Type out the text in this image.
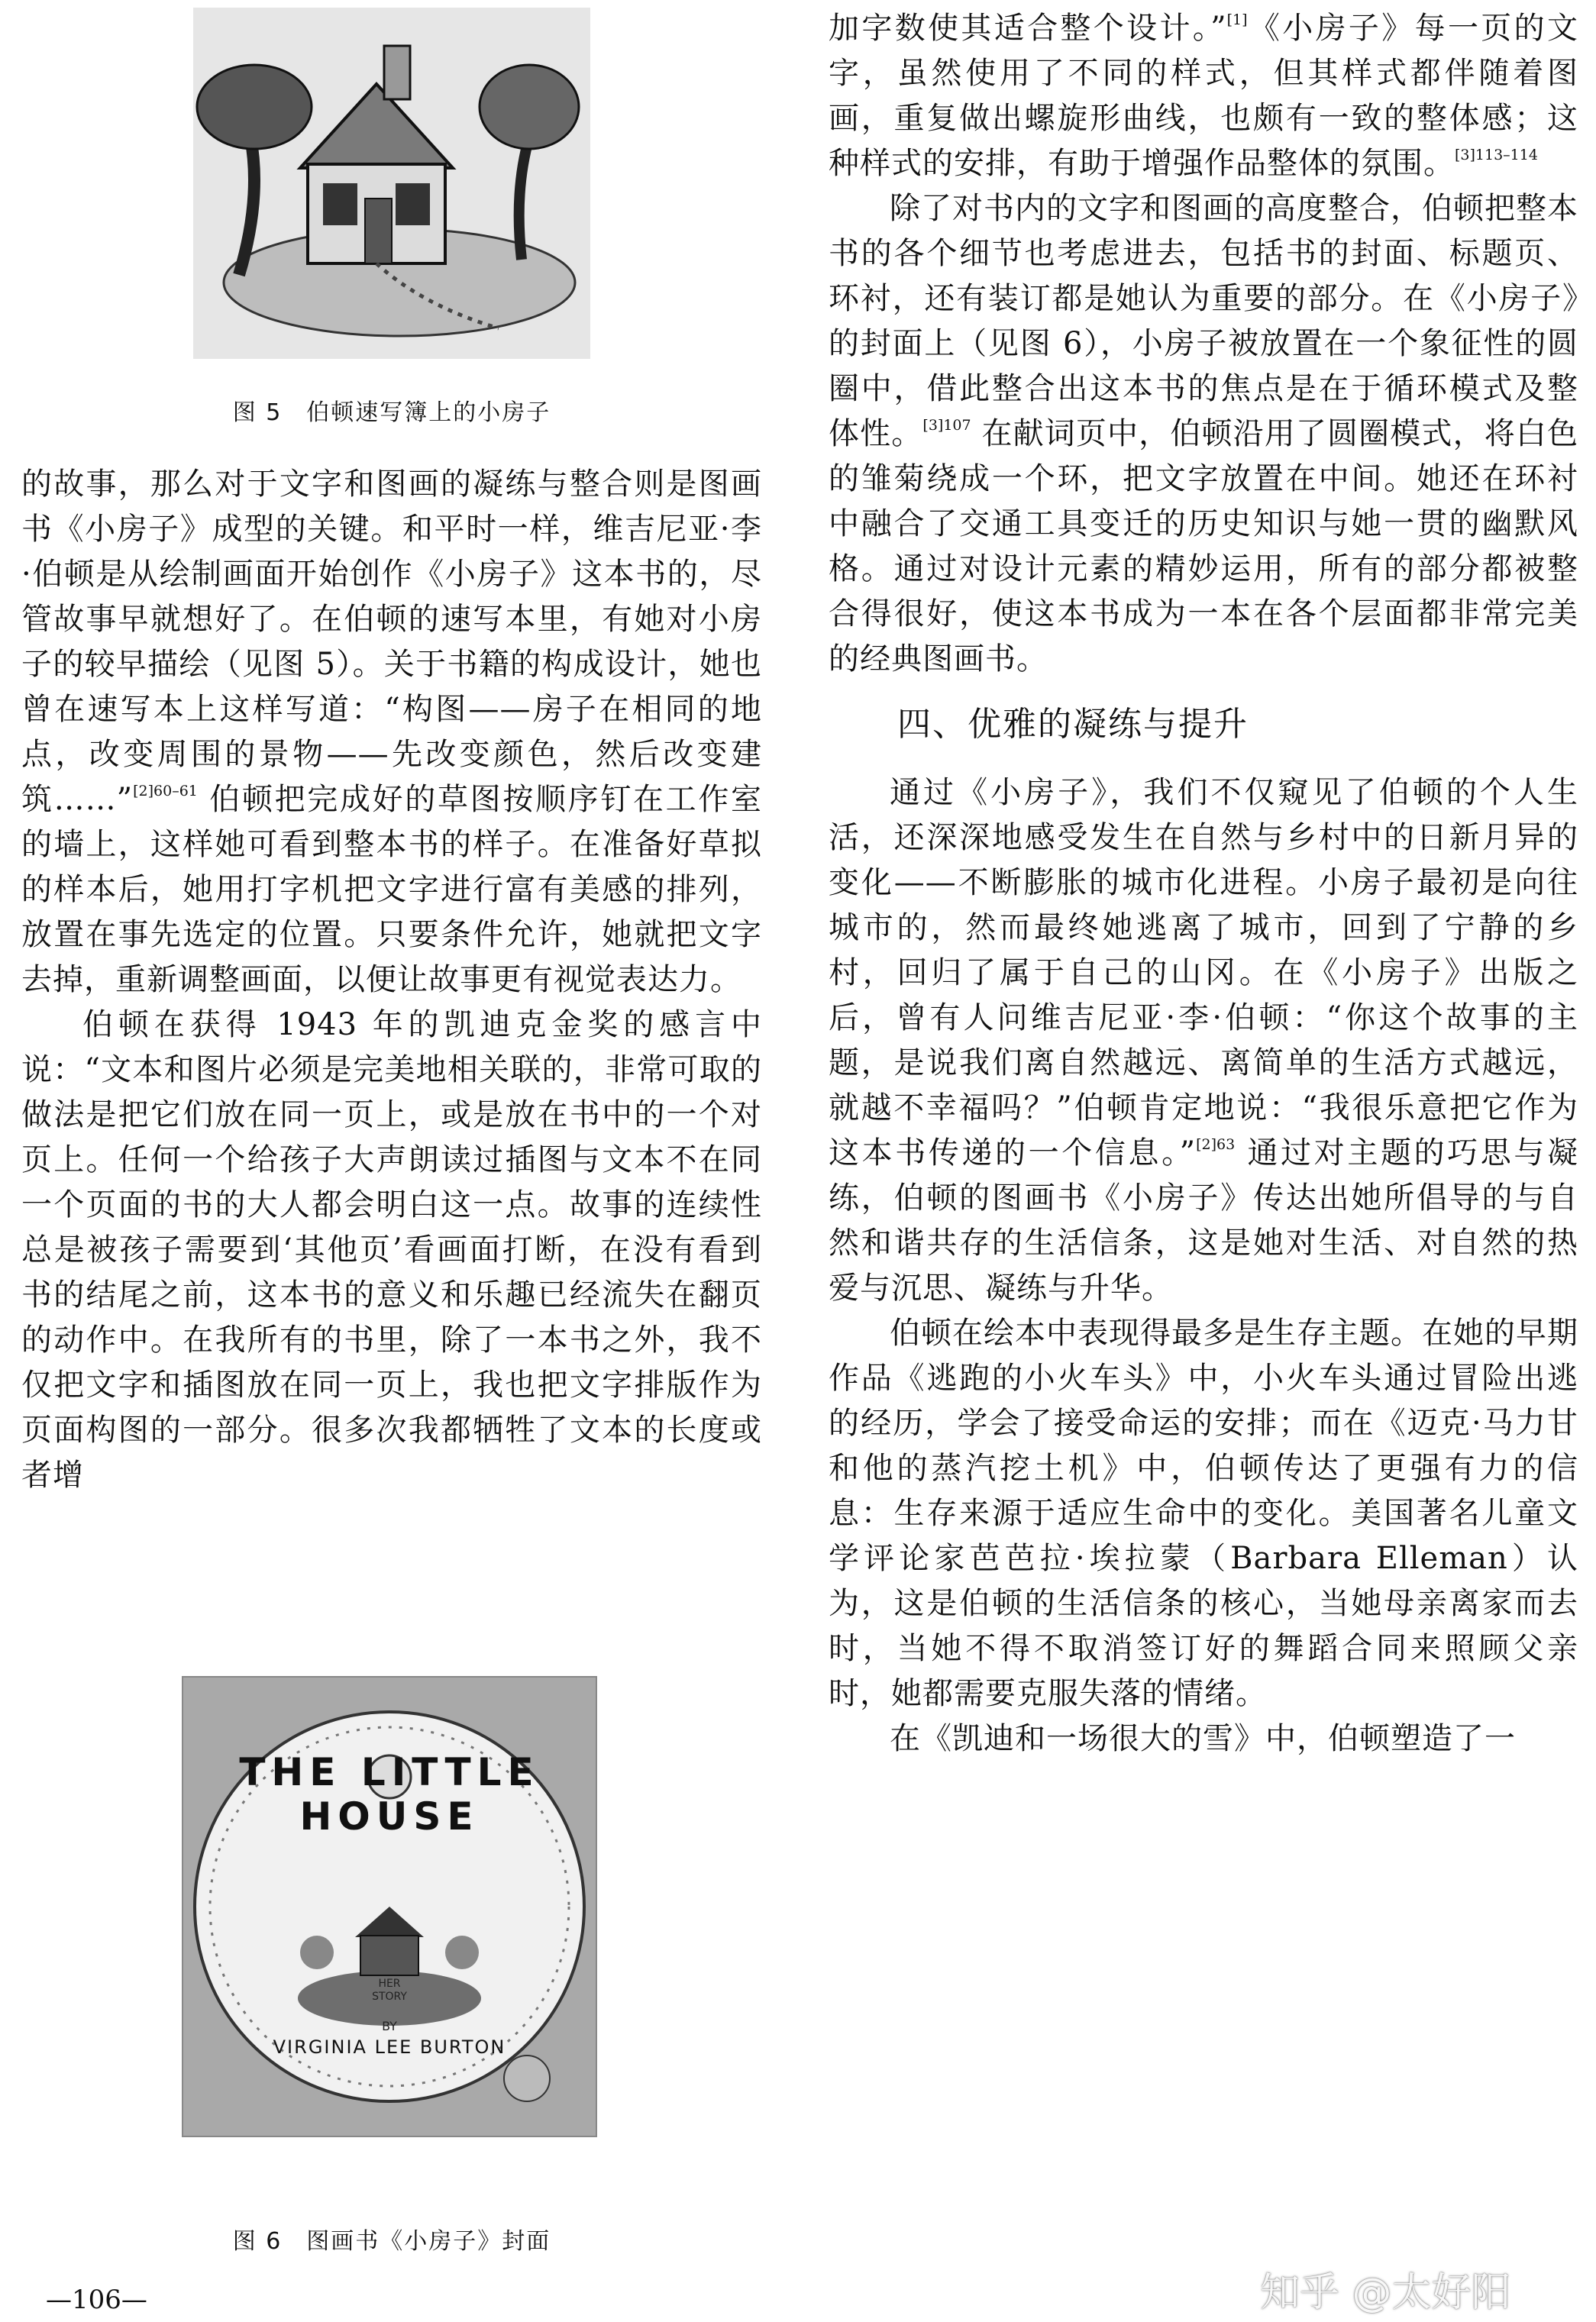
图 5　伯顿速写簿上的小房子

的故事，那么对于文字和图画的凝练与整合则是图画书《小房子》成型的关键。和平时一样，维吉尼亚·李·伯顿是从绘制画面开始创作《小房子》这本书的，尽管故事早就想好了。在伯顿的速写本里，有她对小房子的较早描绘（见图 5）。关于书籍的构成设计，她也曾在速写本上这样写道：“构图——房子在相同的地点，改变周围的景物——先改变颜色，然后改变建筑……”$^{[2]60-61}$ 伯顿把完成好的草图按顺序钉在工作室的墙上，这样她可看到整本书的样子。在准备好草拟的样本后，她用打字机把文字进行富有美感的排列，放置在事先选定的位置。只要条件允许，她就把文字去掉，重新调整画面，以便让故事更有视觉表达力。

伯顿在获得 1943 年的凯迪克金奖的感言中说：“文本和图片必须是完美地相关联的，非常可取的做法是把它们放在同一页上，或是放在书中的一个对页上。任何一个给孩子大声朗读过插图与文本不在同一个页面的书的大人都会明白这一点。故事的连续性总是被孩子需要到‘其他页’看画面打断，在没有看到书的结尾之前，这本书的意义和乐趣已经流失在翻页的动作中。在我所有的书里，除了一本书之外，我不仅把文字和插图放在同一页上，我也把文字排版作为页面构图的一部分。很多次我都牺牲了文本的长度或者增

THE LITTLE HOUSE
HER
STORY
BY
VIRGINIA LEE BURTON
图 6　图画书《小房子》封面

加字数使其适合整个设计。”[1]《小房子》每一页的文字，虽然使用了不同的样式，但其样式都伴随着图画，重复做出螺旋形曲线，也颇有一致的整体感；这种样式的安排，有助于增强作品整体的氛围。$^{[3]113-114}$

除了对书内的文字和图画的高度整合，伯顿把整本书的各个细节也考虑进去，包括书的封面、标题页、环衬，还有装订都是她认为重要的部分。在《小房子》的封面上（见图 6），小房子被放置在一个象征性的圆圈中，借此整合出这本书的焦点是在于循环模式及整体性。$^{[3]107}$ 在献词页中，伯顿沿用了圆圈模式，将白色的雏菊绕成一个环，把文字放置在中间。她还在环衬中融合了交通工具变迁的历史知识与她一贯的幽默风格。通过对设计元素的精妙运用，所有的部分都被整合得很好，使这本书成为一本在各个层面都非常完美的经典图画书。

四、优雅的凝练与提升

通过《小房子》，我们不仅窥见了伯顿的个人生活，还深深地感受发生在自然与乡村中的日新月异的变化——不断膨胀的城市化进程。小房子最初是向往城市的，然而最终她逃离了城市，回到了宁静的乡村，回归了属于自己的山冈。在《小房子》出版之后，曾有人问维吉尼亚·李·伯顿：“你这个故事的主题，是说我们离自然越远、离简单的生活方式越远，就越不幸福吗？”伯顿肯定地说：“我很乐意把它作为这本书传递的一个信息。”$^{[2]63}$ 通过对主题的巧思与凝练，伯顿的图画书《小房子》传达出她所倡导的与自然和谐共存的生活信条，这是她对生活、对自然的热爱与沉思、凝练与升华。

伯顿在绘本中表现得最多是生存主题。在她的早期作品《逃跑的小火车头》中，小火车头通过冒险出逃的经历，学会了接受命运的安排；而在《迈克·马力甘和他的蒸汽挖土机》中，伯顿传达了更强有力的信息：生存来源于适应生命中的变化。美国著名儿童文学评论家芭芭拉·埃拉蒙（Barbara Elleman）认为，这是伯顿的生活信条的核心，当她母亲离家而去时，当她不得不取消签订好的舞蹈合同来照顾父亲时，她都需要克服失落的情绪。

在《凯迪和一场很大的雪》中，伯顿塑造了一

—106—	知乎 @太好阳
